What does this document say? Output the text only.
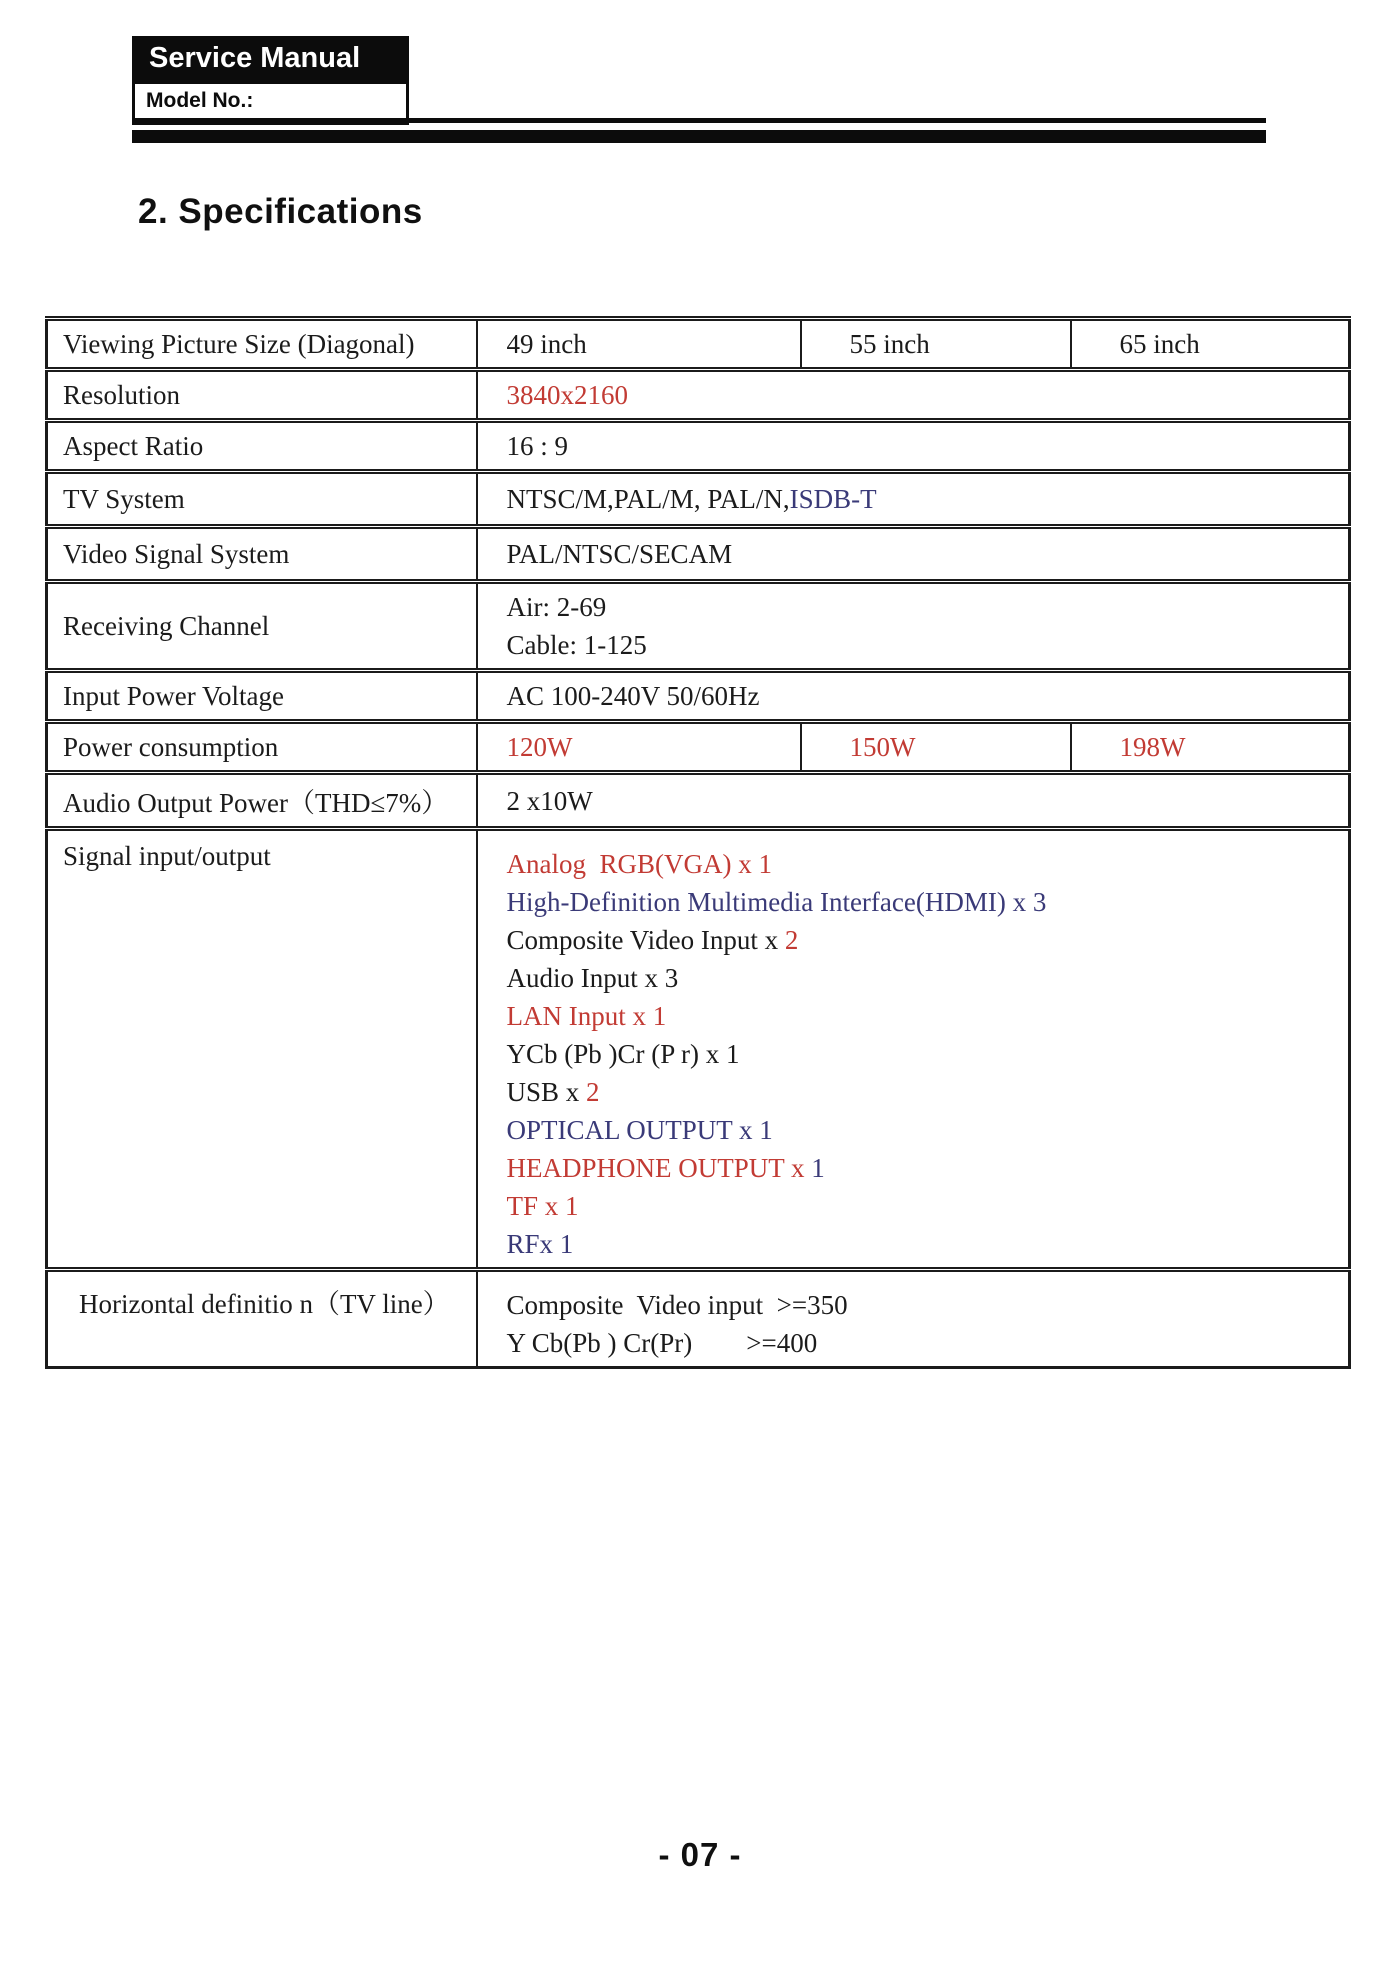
Service Manual
Model No.:
2. Specifications
Viewing Picture Size (Diagonal)	49 inch	55 inch	65 inch

Resolution	3840x2160		

Aspect Ratio	16 : 9		

TV System	NTSC/M,PAL/M, PAL/N,ISDB-T		

Video Signal System	PAL/NTSC/SECAM		

Receiving Channel	Air: 2-69
Cable: 1-125		

Input Power Voltage	AC 100-240V 50/60Hz		

Power consumption	120W	150W	198W

Audio Output Power（THD≤7%）	2 x10W		

Signal input/output	Analog  RGB(VGA) x 1
High-Definition Multimedia Interface(HDMI) x 3
Composite Video Input x 2
Audio Input x 3
LAN Input x 1
YCb (Pb )Cr (P r) x 1
USB x 2
OPTICAL OUTPUT x 1
HEADPHONE OUTPUT x 1
TF x 1
RFx 1

Horizontal definitio n（TV line）	Composite  Video input  >=350
Y Cb(Pb ) Cr(Pr)        >=400		
- 07 -
